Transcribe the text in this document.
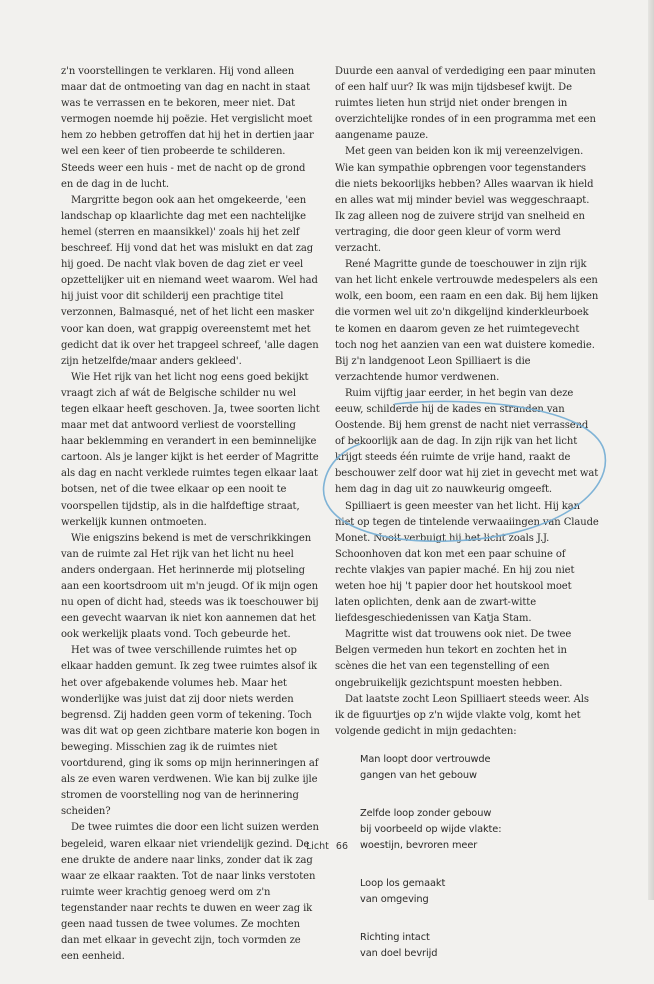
z'n voorstellingen te verklaren. Hij vond alleen maar dat de ontmoeting van dag en nacht in staat was te verrassen en te bekoren, meer niet. Dat vermogen noemde hij poëzie. Het vergislicht moet hem zo hebben getroffen dat hij het in dertien jaar wel een keer of tien probeerde te schilderen. Steeds weer een huis - met de nacht op de grond en de dag in de lucht.

Margritte begon ook aan het omgekeerde, 'een landschap op klaarlichte dag met een nachtelijke hemel (sterren en maansikkel)' zoals hij het zelf beschreef. Hij vond dat het was mislukt en dat zag hij goed. De nacht vlak boven de dag ziet er veel opzettelijker uit en niemand weet waarom. Wel had hij juist voor dit schilderij een prachtige titel verzonnen, Balmasqué, net of het licht een masker voor kan doen, wat grappig overeenstemt met het gedicht dat ik over het trapgeel schreef, 'alle dagen zijn hetzelfde/maar anders gekleed'.

Wie Het rijk van het licht nog eens goed bekijkt vraagt zich af wát de Belgische schilder nu wel tegen elkaar heeft geschoven. Ja, twee soorten licht maar met dat antwoord verliest de voorstelling haar beklemming en verandert in een beminnelijke cartoon. Als je langer kijkt is het eerder of Magritte als dag en nacht verklede ruimtes tegen elkaar laat botsen, net of die twee elkaar op een nooit te voorspellen tijdstip, als in die halfdeftige straat, werkelijk kunnen ontmoeten.

Wie enigszins bekend is met de verschrikkingen van de ruimte zal Het rijk van het licht nu heel anders ondergaan. Het herinnerde mij plotseling aan een koortsdroom uit m'n jeugd. Of ik mijn ogen nu open of dicht had, steeds was ik toeschouwer bij een gevecht waarvan ik niet kon aannemen dat het ook werkelijk plaats vond. Toch gebeurde het.

Het was of twee verschillende ruimtes het op elkaar hadden gemunt. Ik zeg twee ruimtes alsof ik het over afgebakende volumes heb. Maar het wonderlijke was juist dat zij door niets werden begrensd. Zij hadden geen vorm of tekening. Toch was dit wat op geen zichtbare materie kon bogen in beweging. Misschien zag ik de ruimtes niet voortdurend, ging ik soms op mijn herinneringen af als ze even waren verdwenen. Wie kan bij zulke ijle stromen de voorstelling nog van de herinnering scheiden?

De twee ruimtes die door een licht suizen werden begeleid, waren elkaar niet vriendelijk gezind. De ene drukte de andere naar links, zonder dat ik zag waar ze elkaar raakten. Tot de naar links verstoten ruimte weer krachtig genoeg werd om z'n tegenstander naar rechts te duwen en weer zag ik geen naad tussen de twee volumes. Ze mochten dan met elkaar in gevecht zijn, toch vormden ze een eenheid.

Duurde een aanval of verdediging een paar minuten of een half uur? Ik was mijn tijdsbesef kwijt. De ruimtes lieten hun strijd niet onder brengen in overzichtelijke rondes of in een programma met een aangename pauze.

Met geen van beiden kon ik mij vereenzelvigen. Wie kan sympathie opbrengen voor tegenstanders die niets bekoorlijks hebben? Alles waarvan ik hield en alles wat mij minder beviel was weggeschraapt. Ik zag alleen nog de zuivere strijd van snelheid en vertraging, die door geen kleur of vorm werd verzacht.

René Magritte gunde de toeschouwer in zijn rijk van het licht enkele vertrouwde medespelers als een wolk, een boom, een raam en een dak. Bij hem lijken die vormen wel uit zo'n dikgelijnd kinderkleurboek te komen en daarom geven ze het ruimtegevecht toch nog het aanzien van een wat duistere komedie. Bij z'n landgenoot Leon Spilliaert is die verzachtende humor verdwenen.

Ruim vijftig jaar eerder, in het begin van deze eeuw, schilderde hij de kades en stranden van Oostende. Bij hem grenst de nacht niet verrassend of bekoorlijk aan de dag. In zijn rijk van het licht krijgt steeds één ruimte de vrije hand, raakt de beschouwer zelf door wat hij ziet in gevecht met wat hem dag in dag uit zo nauwkeurig omgeeft.

Spilliaert is geen meester van het licht. Hij kan niet op tegen de tintelende verwaaiingen van Claude Monet. Nooit verbuigt hij het licht zoals J.J. Schoonhoven dat kon met een paar schuine of rechte vlakjes van papier maché. En hij zou niet weten hoe hij 't papier door het houtskool moet laten oplichten, denk aan de zwart-witte liefdesgeschiedenissen van Katja Stam.

Magritte wist dat trouwens ook niet. De twee Belgen vermeden hun tekort en zochten het in scènes die het van een tegenstelling of een ongebruikelijk gezichtspunt moesten hebben.

Dat laatste zocht Leon Spilliaert steeds weer. Als ik de figuurtjes op z'n wijde vlakte volg, komt het volgende gedicht in mijn gedachten:

Man loopt door vertrouwde
gangen van het gebouw
Zelfde loop zonder gebouw
bij voorbeeld op wijde vlakte:
woestijn, bevroren meer
Loop los gemaakt
van omgeving
Richting intact
van doel bevrijd
Licht 66
